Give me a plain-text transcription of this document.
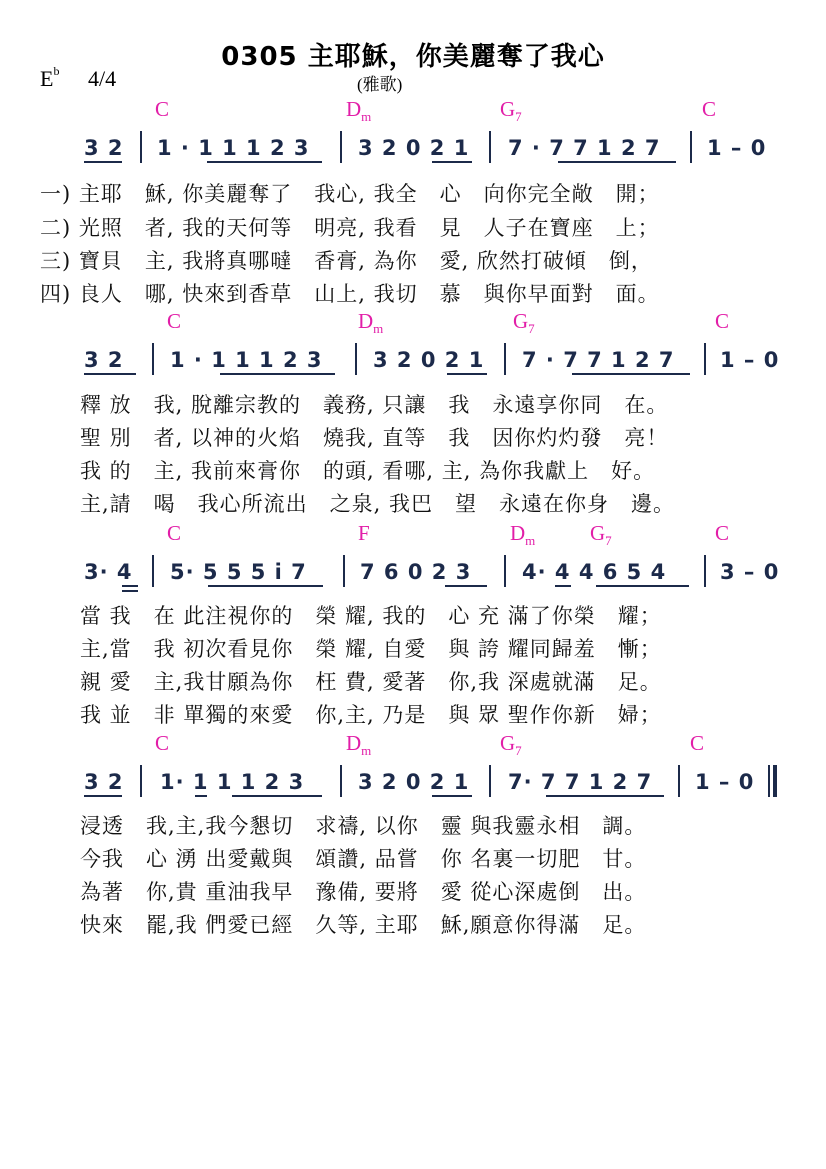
0305 主耶穌，你美麗奪了我心
$E^b$ 4/4	(雅歌)
C	$D_m$	$G_7$	C
3 2 1 · 1 1 1 2 3 3 2 0 2 1 7 · 7 7 1 2 7 1 – 0
一) 主耶　穌, 你美麗奪了　我心, 我全　心　向你完全敞　開；
二) 光照　者, 我的天何等　明亮, 我看　見　人子在寶座　上；
三) 寶貝　主, 我將真哪噠　香膏, 為你　愛, 欣然打破傾　倒，
四) 良人　哪, 快來到香草　山上, 我切　慕　與你早面對　面。
C	$D_m$	$G_7$	C
3 2 1 · 1 1 1 2 3 3 2 0 2 1 7 · 7 7 1 2 7 1 – 0
釋 放　我, 脫離宗教的　義務, 只讓　我　永遠享你同　在。
聖 別　者, 以神的火焰　燒我, 直等　我　因你灼灼發　亮！
我 的　主, 我前來膏你　的頭, 看哪, 主, 為你我獻上　好。
主,請　喝　我心所流出　之泉, 我巴　望　永遠在你身　邊。
C	F	$D_m$	$G_7$	C
3· 4 5· 5 5 5 i 7	7 6 0 2 3 4· 4 4 6 5 4	3 – 0
當 我　在 此注視你的　榮 耀, 我的　心 充 滿了你榮　耀；
主,當　我 初次看見你　榮 耀, 自愛　與 誇 耀同歸羞　慚；
親 愛　主,我甘願為你　枉 費, 愛著　你,我 深處就滿　足。
我 並　非 單獨的來愛　你,主, 乃是　與 眾 聖作你新　婦；
C	$D_m$	$G_7$	C
3 2 1· 1 1 1 2 3	3 2 0 2 1 7· 7 7 1 2 7 1 – 0
浸透　我,主,我今懇切　求禱, 以你　靈 與我靈永相　調。
今我　心 湧 出愛戴與　頌讚, 品嘗　你 名裏一切肥　甘。
為著　你,貴 重油我早　豫備, 要將　愛 從心深處倒　出。
快來　罷,我 們愛已經　久等, 主耶　穌,願意你得滿　足。
